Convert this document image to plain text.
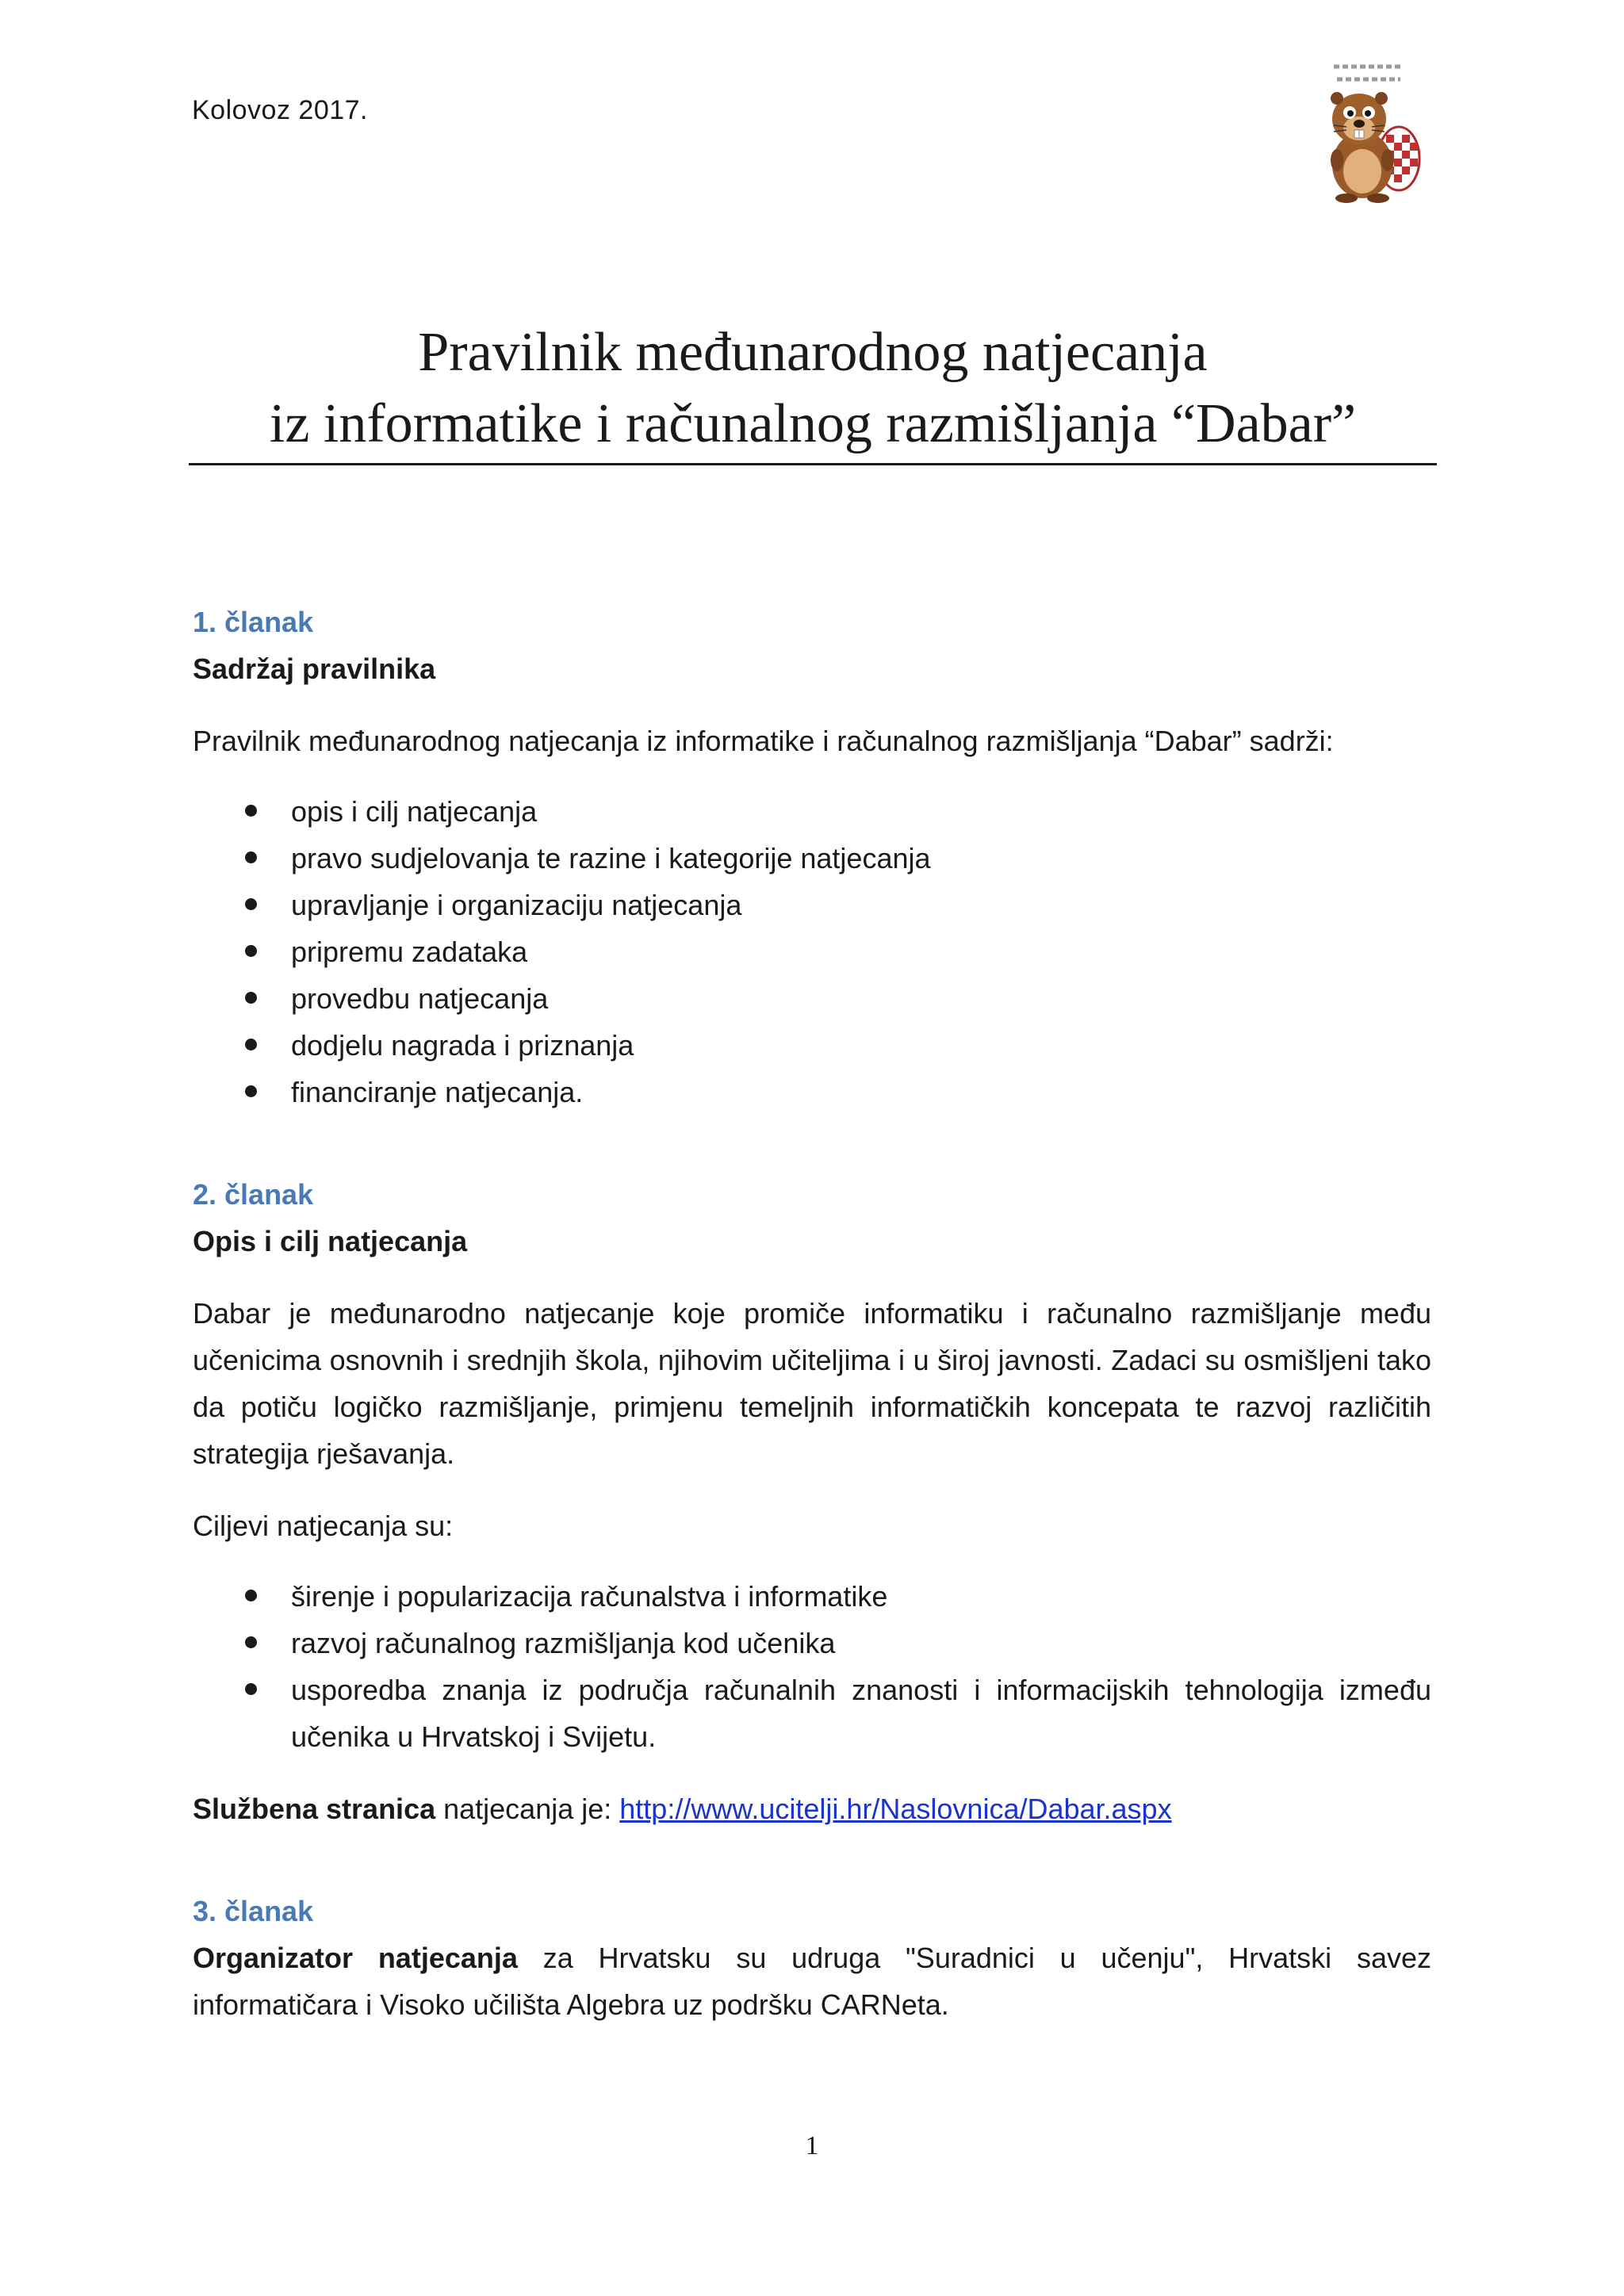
Kolovoz 2017.
Pravilnik međunarodnog natjecanja
iz informatike i računalnog razmišljanja “Dabar”

1. članak

Sadržaj pravilnika

Pravilnik međunarodnog natjecanja iz informatike i računalnog razmišljanja “Dabar” sadrži:

opis i cilj natjecanja
pravo sudjelovanja te razine i kategorije natjecanja
upravljanje i organizaciju natjecanja
pripremu zadataka
provedbu natjecanja
dodjelu nagrada i priznanja
financiranje natjecanja.

2. članak

Opis i cilj natjecanja

Dabar je međunarodno natjecanje koje promiče informatiku i računalno razmišljanje među učenicima osnovnih i srednjih škola, njihovim učiteljima i u široj javnosti. Zadaci su osmišljeni tako da potiču logičko razmišljanje, primjenu temeljnih informatičkih koncepata te razvoj različitih strategija rješavanja.

Ciljevi natjecanja su:

širenje i popularizacija računalstva i informatike
razvoj računalnog razmišljanja kod učenika
usporedba znanja iz područja računalnih znanosti i informacijskih tehnologija između učenika u Hrvatskoj i Svijetu.

Službena stranica natjecanja je: http://www.ucitelji.hr/Naslovnica/Dabar.aspx

3. članak

Organizator natjecanja za Hrvatsku su udruga "Suradnici u učenju", Hrvatski savez informatičara i Visoko učilišta Algebra uz podršku CARNeta.

1
